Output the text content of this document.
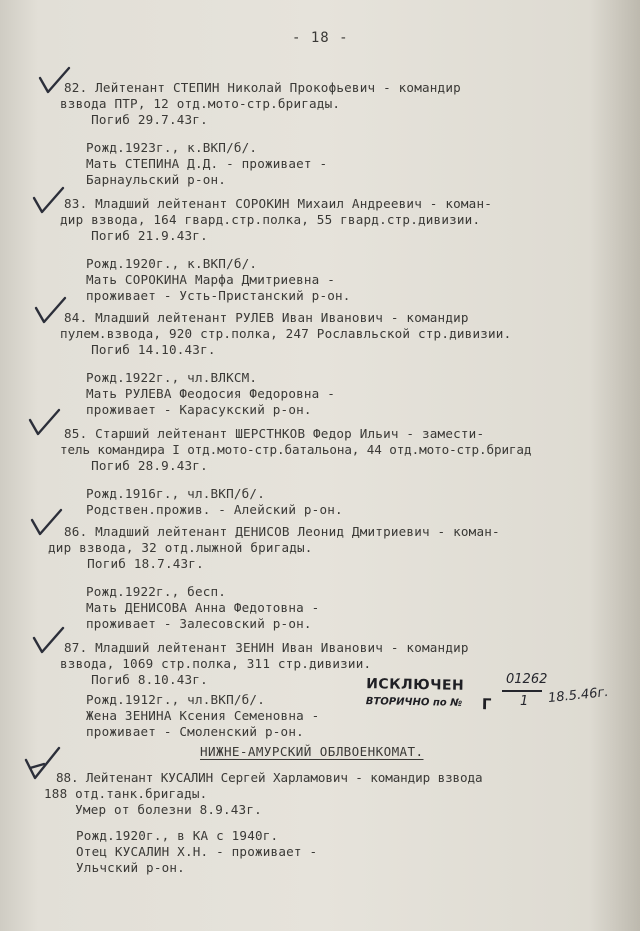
- 18 -
82. Лейтенант СТЕПИН Николай Прокофьевич - командир
взвода ПТР, 12 отд.мото-стр.бригады.
Погиб 29.7.43г.
Рожд.1923г., к.ВКП/б/.
Мать СТЕПИНА Д.Д. - проживает -
Барнаульский р-он.
83. Младший лейтенант СОРОКИН Михаил Андреевич - коман-
дир взвода, 164 гвард.стр.полка, 55 гвард.стр.дивизии.
Погиб 21.9.43г.
Рожд.1920г., к.ВКП/б/.
Мать СОРОКИНА Марфа Дмитриевна -
проживает - Усть-Пристанский р-он.
84. Младший лейтенант РУЛЕВ Иван Иванович - командир
пулем.взвода, 920 стр.полка, 247 Рославльской стр.дивизии.
Погиб 14.10.43г.
Рожд.1922г., чл.ВЛКСМ.
Мать РУЛЕВА Феодосия Федоровна -
проживает - Карасукский р-он.
85. Старший лейтенант ШЕРСТНКОВ Федор Ильич - замести-
тель командира I отд.мото-стр.батальона, 44 отд.мото-стр.бригад
Погиб 28.9.43г.
Рожд.1916г., чл.ВКП/б/.
Родствен.прожив. - Алейский р-он.
86. Младший лейтенант ДЕНИСОВ Леонид Дмитриевич - коман-
дир взвода, 32 отд.лыжной бригады.
Погиб 18.7.43г.
Рожд.1922г., бесп.
Мать ДЕНИСОВА Анна Федотовна -
проживает - Залесовский р-он.
87. Младший лейтенант ЗЕНИН Иван Иванович - командир
взвода, 1069 стр.полка, 311 стр.дивизии.
Погиб 8.10.43г.
Рожд.1912г., чл.ВКП/б/.
Жена ЗЕНИНА Ксения Семеновна -
проживает - Смоленский р-он.
НИЖНЕ-АМУРСКИЙ ОБЛВОЕНКОМАТ.
88. Лейтенант КУСАЛИН Сергей Харламович - командир взвода
188 отд.танк.бригады.
Умер от болезни 8.9.43г.
Рожд.1920г., в КА с 1940г.
Отец КУСАЛИН Х.Н. - проживает -
Ульчский р-он.
ИСКЛЮЧЕН
ВТОРИЧНО по № Г
01262
1 18.5.46г.
